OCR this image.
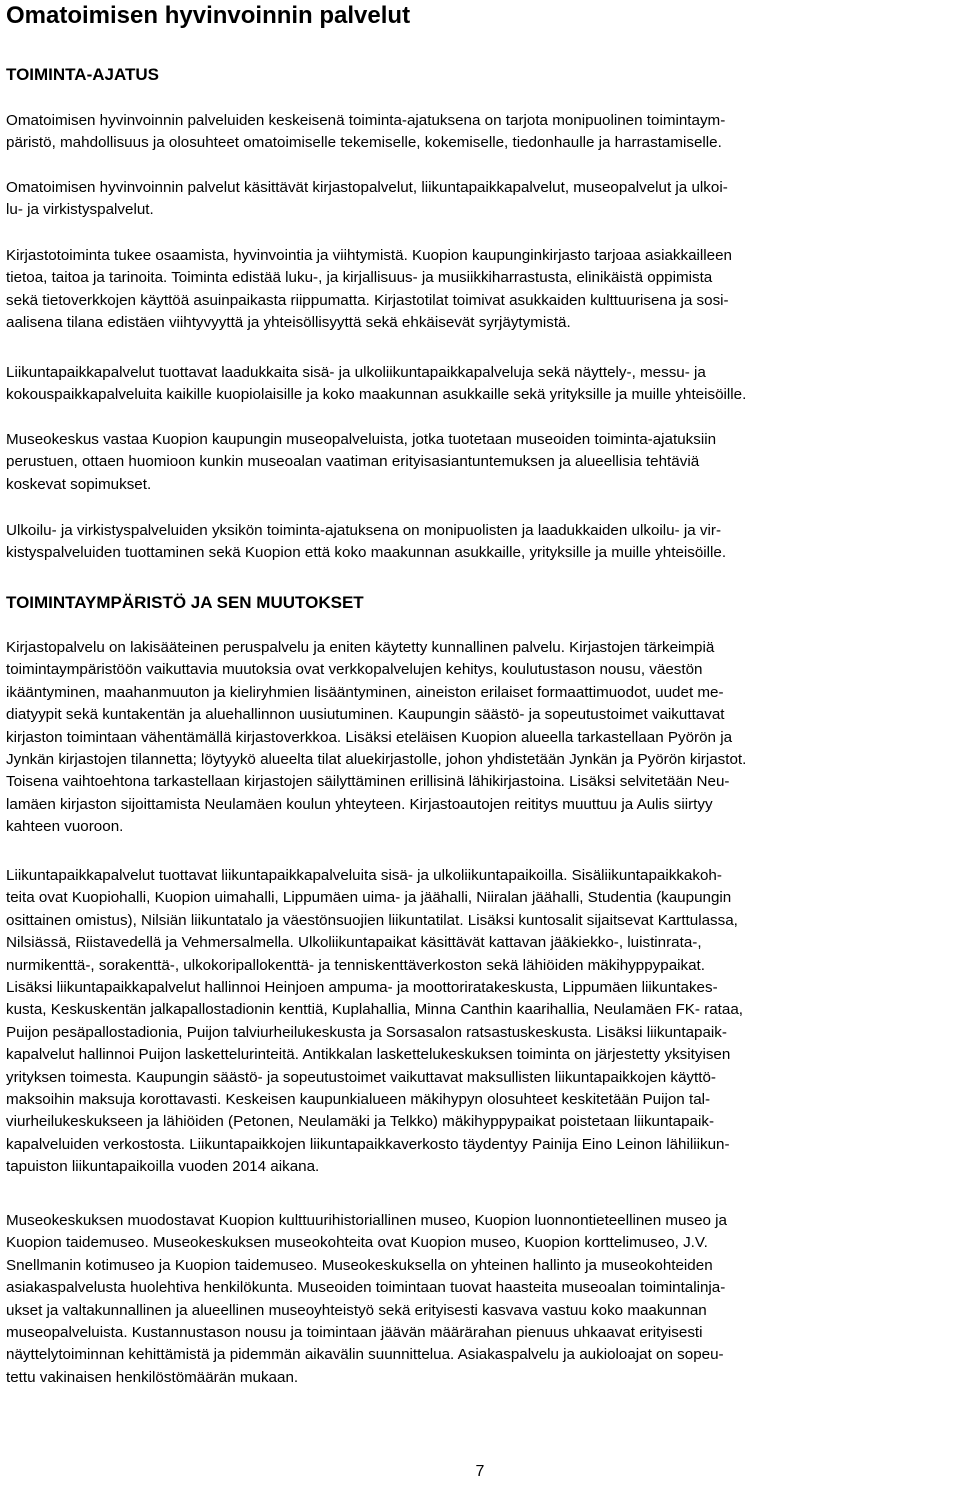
Omatoimisen hyvinvoinnin palvelut
TOIMINTA-AJATUS

Omatoimisen hyvinvoinnin palveluiden keskeisenä toiminta-ajatuksena on tarjota monipuolinen toimintaym-
päristö, mahdollisuus ja olosuhteet omatoimiselle tekemiselle, kokemiselle, tiedonhaulle ja harrastamiselle.

Omatoimisen hyvinvoinnin palvelut käsittävät kirjastopalvelut, liikuntapaikkapalvelut, museopalvelut ja ulkoi-
lu- ja virkistyspalvelut.

Kirjastotoiminta tukee osaamista, hyvinvointia ja viihtymistä. Kuopion kaupunginkirjasto tarjoaa asiakkailleen
tietoa, taitoa ja tarinoita. Toiminta edistää luku-, ja kirjallisuus- ja musiikkiharrastusta, elinikäistä oppimista
sekä tietoverkkojen käyttöä asuinpaikasta riippumatta. Kirjastotilat toimivat asukkaiden kulttuurisena ja sosi-
aalisena tilana edistäen viihtyvyyttä ja yhteisöllisyyttä sekä ehkäisevät syrjäytymistä.

Liikuntapaikkapalvelut tuottavat laadukkaita sisä- ja ulkoliikuntapaikkapalveluja sekä näyttely-, messu- ja
kokouspaikkapalveluita kaikille kuopiolaisille ja koko maakunnan asukkaille sekä yrityksille ja muille yhteisöille.

Museokeskus vastaa Kuopion kaupungin museopalveluista, jotka tuotetaan museoiden toiminta-ajatuksiin
perustuen, ottaen huomioon kunkin museoalan vaatiman erityisasiantuntemuksen ja alueellisia tehtäviä
koskevat sopimukset.

Ulkoilu- ja virkistyspalveluiden yksikön toiminta-ajatuksena on monipuolisten ja laadukkaiden ulkoilu- ja vir-
kistyspalveluiden tuottaminen sekä Kuopion että koko maakunnan asukkaille, yrityksille ja muille yhteisöille.

TOIMINTAYMPÄRISTÖ JA SEN MUUTOKSET

Kirjastopalvelu on lakisääteinen peruspalvelu ja eniten käytetty kunnallinen palvelu. Kirjastojen tärkeimpiä
toimintaympäristöön vaikuttavia muutoksia ovat verkkopalvelujen kehitys, koulutustason nousu, väestön
ikääntyminen, maahanmuuton ja kieliryhmien lisääntyminen, aineiston erilaiset formaattimuodot, uudet me-
diatyypit sekä kuntakentän ja aluehallinnon uusiutuminen. Kaupungin säästö- ja sopeutustoimet vaikuttavat
kirjaston toimintaan vähentämällä kirjastoverkkoa. Lisäksi eteläisen Kuopion alueella tarkastellaan Pyörön ja
Jynkän kirjastojen tilannetta; löytyykö alueelta tilat aluekirjastolle, johon yhdistetään Jynkän ja Pyörön kirjastot.
Toisena vaihtoehtona tarkastellaan kirjastojen säilyttäminen erillisinä lähikirjastoina. Lisäksi selvitetään Neu-
lamäen kirjaston sijoittamista Neulamäen koulun yhteyteen. Kirjastoautojen reititys muuttuu ja Aulis siirtyy
kahteen vuoroon.

Liikuntapaikkapalvelut tuottavat liikuntapaikkapalveluita sisä- ja ulkoliikuntapaikoilla. Sisäliikuntapaikkakoh-
teita ovat Kuopiohalli, Kuopion uimahalli, Lippumäen uima- ja jäähalli, Niiralan jäähalli, Studentia (kaupungin
osittainen omistus), Nilsiän liikuntatalo ja väestönsuojien liikuntatilat. Lisäksi kuntosalit sijaitsevat Karttulassa,
Nilsiässä, Riistavedellä ja Vehmersalmella. Ulkoliikuntapaikat käsittävät kattavan jääkiekko-, luistinrata-,
nurmikenttä-, sorakenttä-, ulkokoripallokenttä- ja tenniskenttäverkoston sekä lähiöiden mäkihyppypaikat.
Lisäksi liikuntapaikkapalvelut hallinnoi Heinjoen ampuma- ja moottoriratakeskusta, Lippumäen liikuntakes-
kusta, Keskuskentän jalkapallostadionin kenttiä, Kuplahallia, Minna Canthin kaarihallia, Neulamäen FK- rataa,
Puijon pesäpallostadionia, Puijon talviurheilukeskusta ja Sorsasalon ratsastuskeskusta. Lisäksi liikuntapaik-
kapalvelut hallinnoi Puijon laskettelurinteitä. Antikkalan laskettelukeskuksen toiminta on järjestetty yksityisen
yrityksen toimesta. Kaupungin säästö- ja sopeutustoimet vaikuttavat maksullisten liikuntapaikkojen käyttö-
maksoihin maksuja korottavasti. Keskeisen kaupunkialueen mäkihypyn olosuhteet keskitetään Puijon tal-
viurheilukeskukseen ja lähiöiden (Petonen, Neulamäki ja Telkko) mäkihyppypaikat poistetaan liikuntapaik-
kapalveluiden verkostosta. Liikuntapaikkojen liikuntapaikkaverkosto täydentyy Painija Eino Leinon lähiliikun-
tapuiston liikuntapaikoilla vuoden 2014 aikana.

Museokeskuksen muodostavat Kuopion kulttuurihistoriallinen museo, Kuopion luonnontieteellinen museo ja
Kuopion taidemuseo. Museokeskuksen museokohteita ovat Kuopion museo, Kuopion korttelimuseo, J.V.
Snellmanin kotimuseo ja Kuopion taidemuseo. Museokeskuksella on yhteinen hallinto ja museokohteiden
asiakaspalvelusta huolehtiva henkilökunta. Museoiden toimintaan tuovat haasteita museoalan toimintalinja-
ukset ja valtakunnallinen ja alueellinen museoyhteistyö sekä erityisesti kasvava vastuu koko maakunnan
museopalveluista. Kustannustason nousu ja toimintaan jäävän määrärahan pienuus uhkaavat erityisesti
näyttelytoiminnan kehittämistä ja pidemmän aikavälin suunnittelua. Asiakaspalvelu ja aukioloajat on sopeu-
tettu vakinaisen henkilöstömäärän mukaan.

7
